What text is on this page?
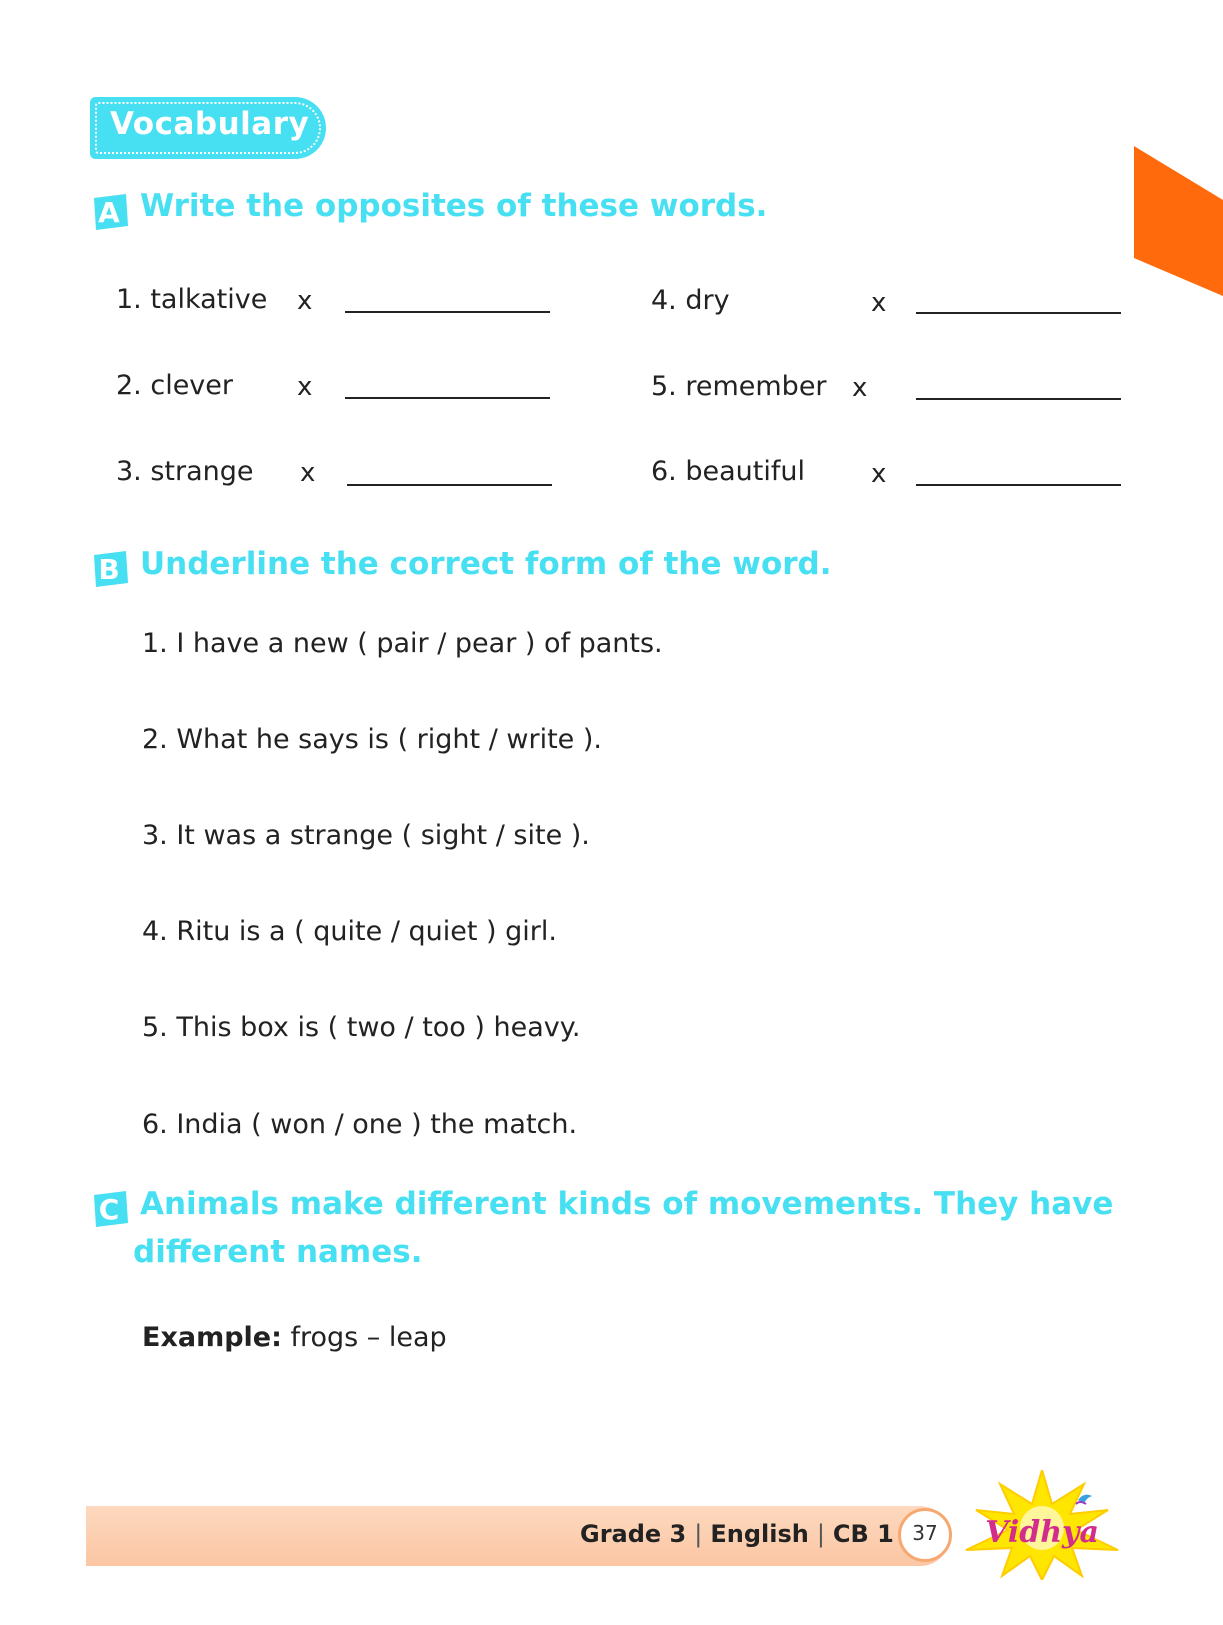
Vocabulary
A Write the opposites of these words.
1. talkative x
2. clever x
3. strange x
4. dry	x
5. remember x
6. beautiful	x
B Underline the correct form of the word.
1. I have a new ( pair / pear ) of pants.
2. What he says is ( right / write ).
3. It was a strange ( sight / site ).
4. Ritu is a ( quite / quiet ) girl.
5. This box is ( two / too ) heavy.
6. India ( won / one ) the match.
C Animals make different kinds of movements. They have
different names.
Example: frogs – leap
Grade 3 | English | CB 1 37	Vidhya
